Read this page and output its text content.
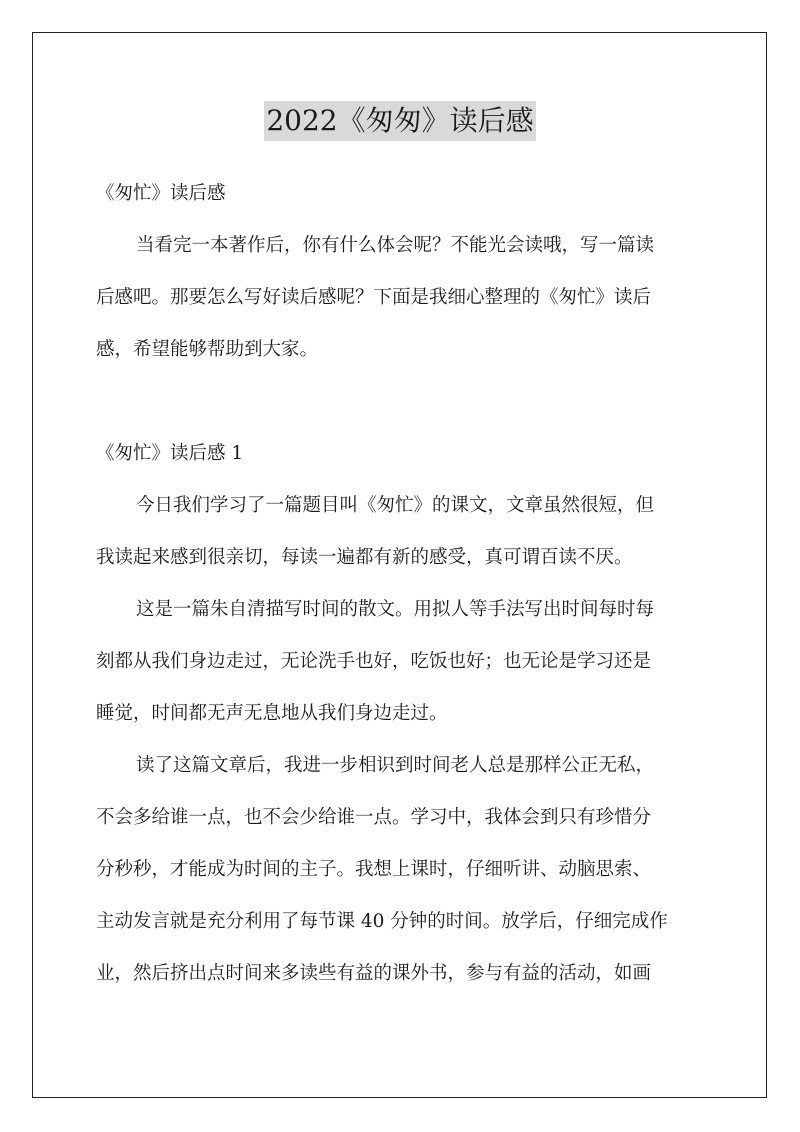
2022《匆匆》读后感

《匆忙》读后感

当看完一本著作后，你有什么体会呢？不能光会读哦，写一篇读

后感吧。那要怎么写好读后感呢？下面是我细心整理的《匆忙》读后

感，希望能够帮助到大家。

《匆忙》读后感 1

今日我们学习了一篇题目叫《匆忙》的课文，文章虽然很短，但

我读起来感到很亲切，每读一遍都有新的感受，真可谓百读不厌。

这是一篇朱自清描写时间的散文。用拟人等手法写出时间每时每

刻都从我们身边走过，无论洗手也好，吃饭也好；也无论是学习还是

睡觉，时间都无声无息地从我们身边走过。

读了这篇文章后，我进一步相识到时间老人总是那样公正无私，

不会多给谁一点，也不会少给谁一点。学习中，我体会到只有珍惜分

分秒秒，才能成为时间的主子。我想上课时，仔细听讲、动脑思索、

主动发言就是充分利用了每节课 40 分钟的时间。放学后，仔细完成作

业，然后挤出点时间来多读些有益的课外书，参与有益的活动，如画
